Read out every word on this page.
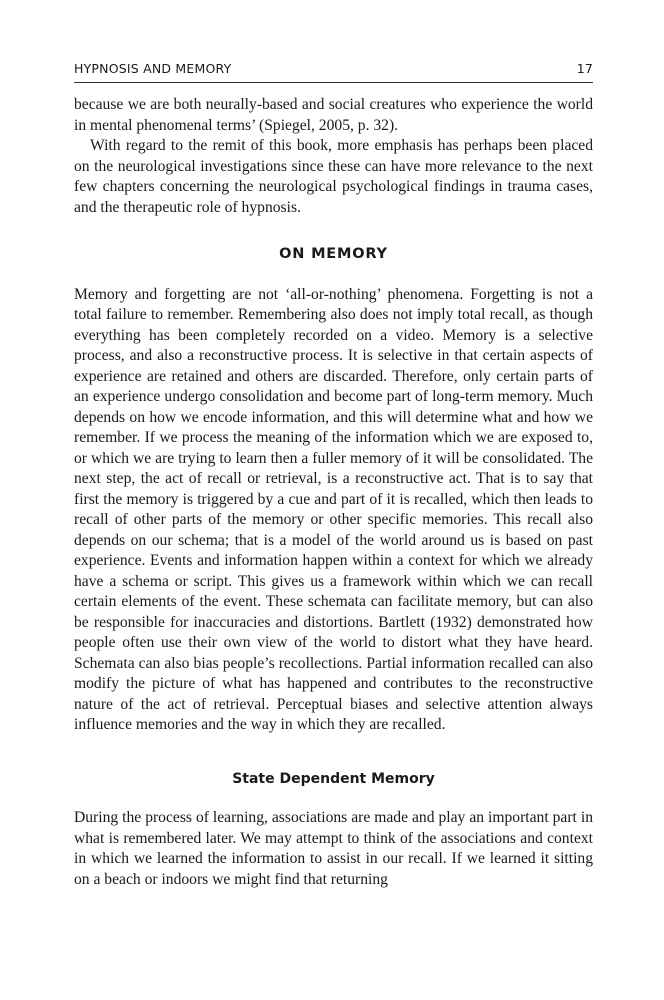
HYPNOSIS AND MEMORY	17

because we are both neurally-based and social creatures who experience the world in mental phenomenal terms’ (Spiegel, 2005, p. 32).

With regard to the remit of this book, more emphasis has perhaps been placed on the neurological investigations since these can have more relevance to the next few chapters concerning the neurological psychological findings in trauma cases, and the therapeutic role of hypnosis.

ON MEMORY

Memory and forgetting are not ‘all-or-nothing’ phenomena. Forgetting is not a total failure to remember. Remembering also does not imply total recall, as though everything has been completely recorded on a video. Memory is a selective process, and also a reconstructive process. It is selective in that certain aspects of experience are retained and others are discarded. Therefore, only certain parts of an experience undergo consolidation and become part of long-term memory. Much depends on how we encode information, and this will determine what and how we remember. If we process the meaning of the information which we are exposed to, or which we are trying to learn then a fuller memory of it will be consolidated. The next step, the act of recall or retrieval, is a reconstructive act. That is to say that first the memory is triggered by a cue and part of it is recalled, which then leads to recall of other parts of the memory or other specific memories. This recall also depends on our schema; that is a model of the world around us is based on past experience. Events and information happen within a context for which we already have a schema or script. This gives us a framework within which we can recall certain elements of the event. These schemata can facilitate memory, but can also be responsible for inaccuracies and distortions. Bartlett (1932) demonstrated how people often use their own view of the world to distort what they have heard. Schemata can also bias people’s recollections. Partial information recalled can also modify the picture of what has happened and contributes to the reconstructive nature of the act of retrieval. Perceptual biases and selective attention always influence memories and the way in which they are recalled.

State Dependent Memory

During the process of learning, associations are made and play an important part in what is remembered later. We may attempt to think of the associations and context in which we learned the information to assist in our recall. If we learned it sitting on a beach or indoors we might find that returning
